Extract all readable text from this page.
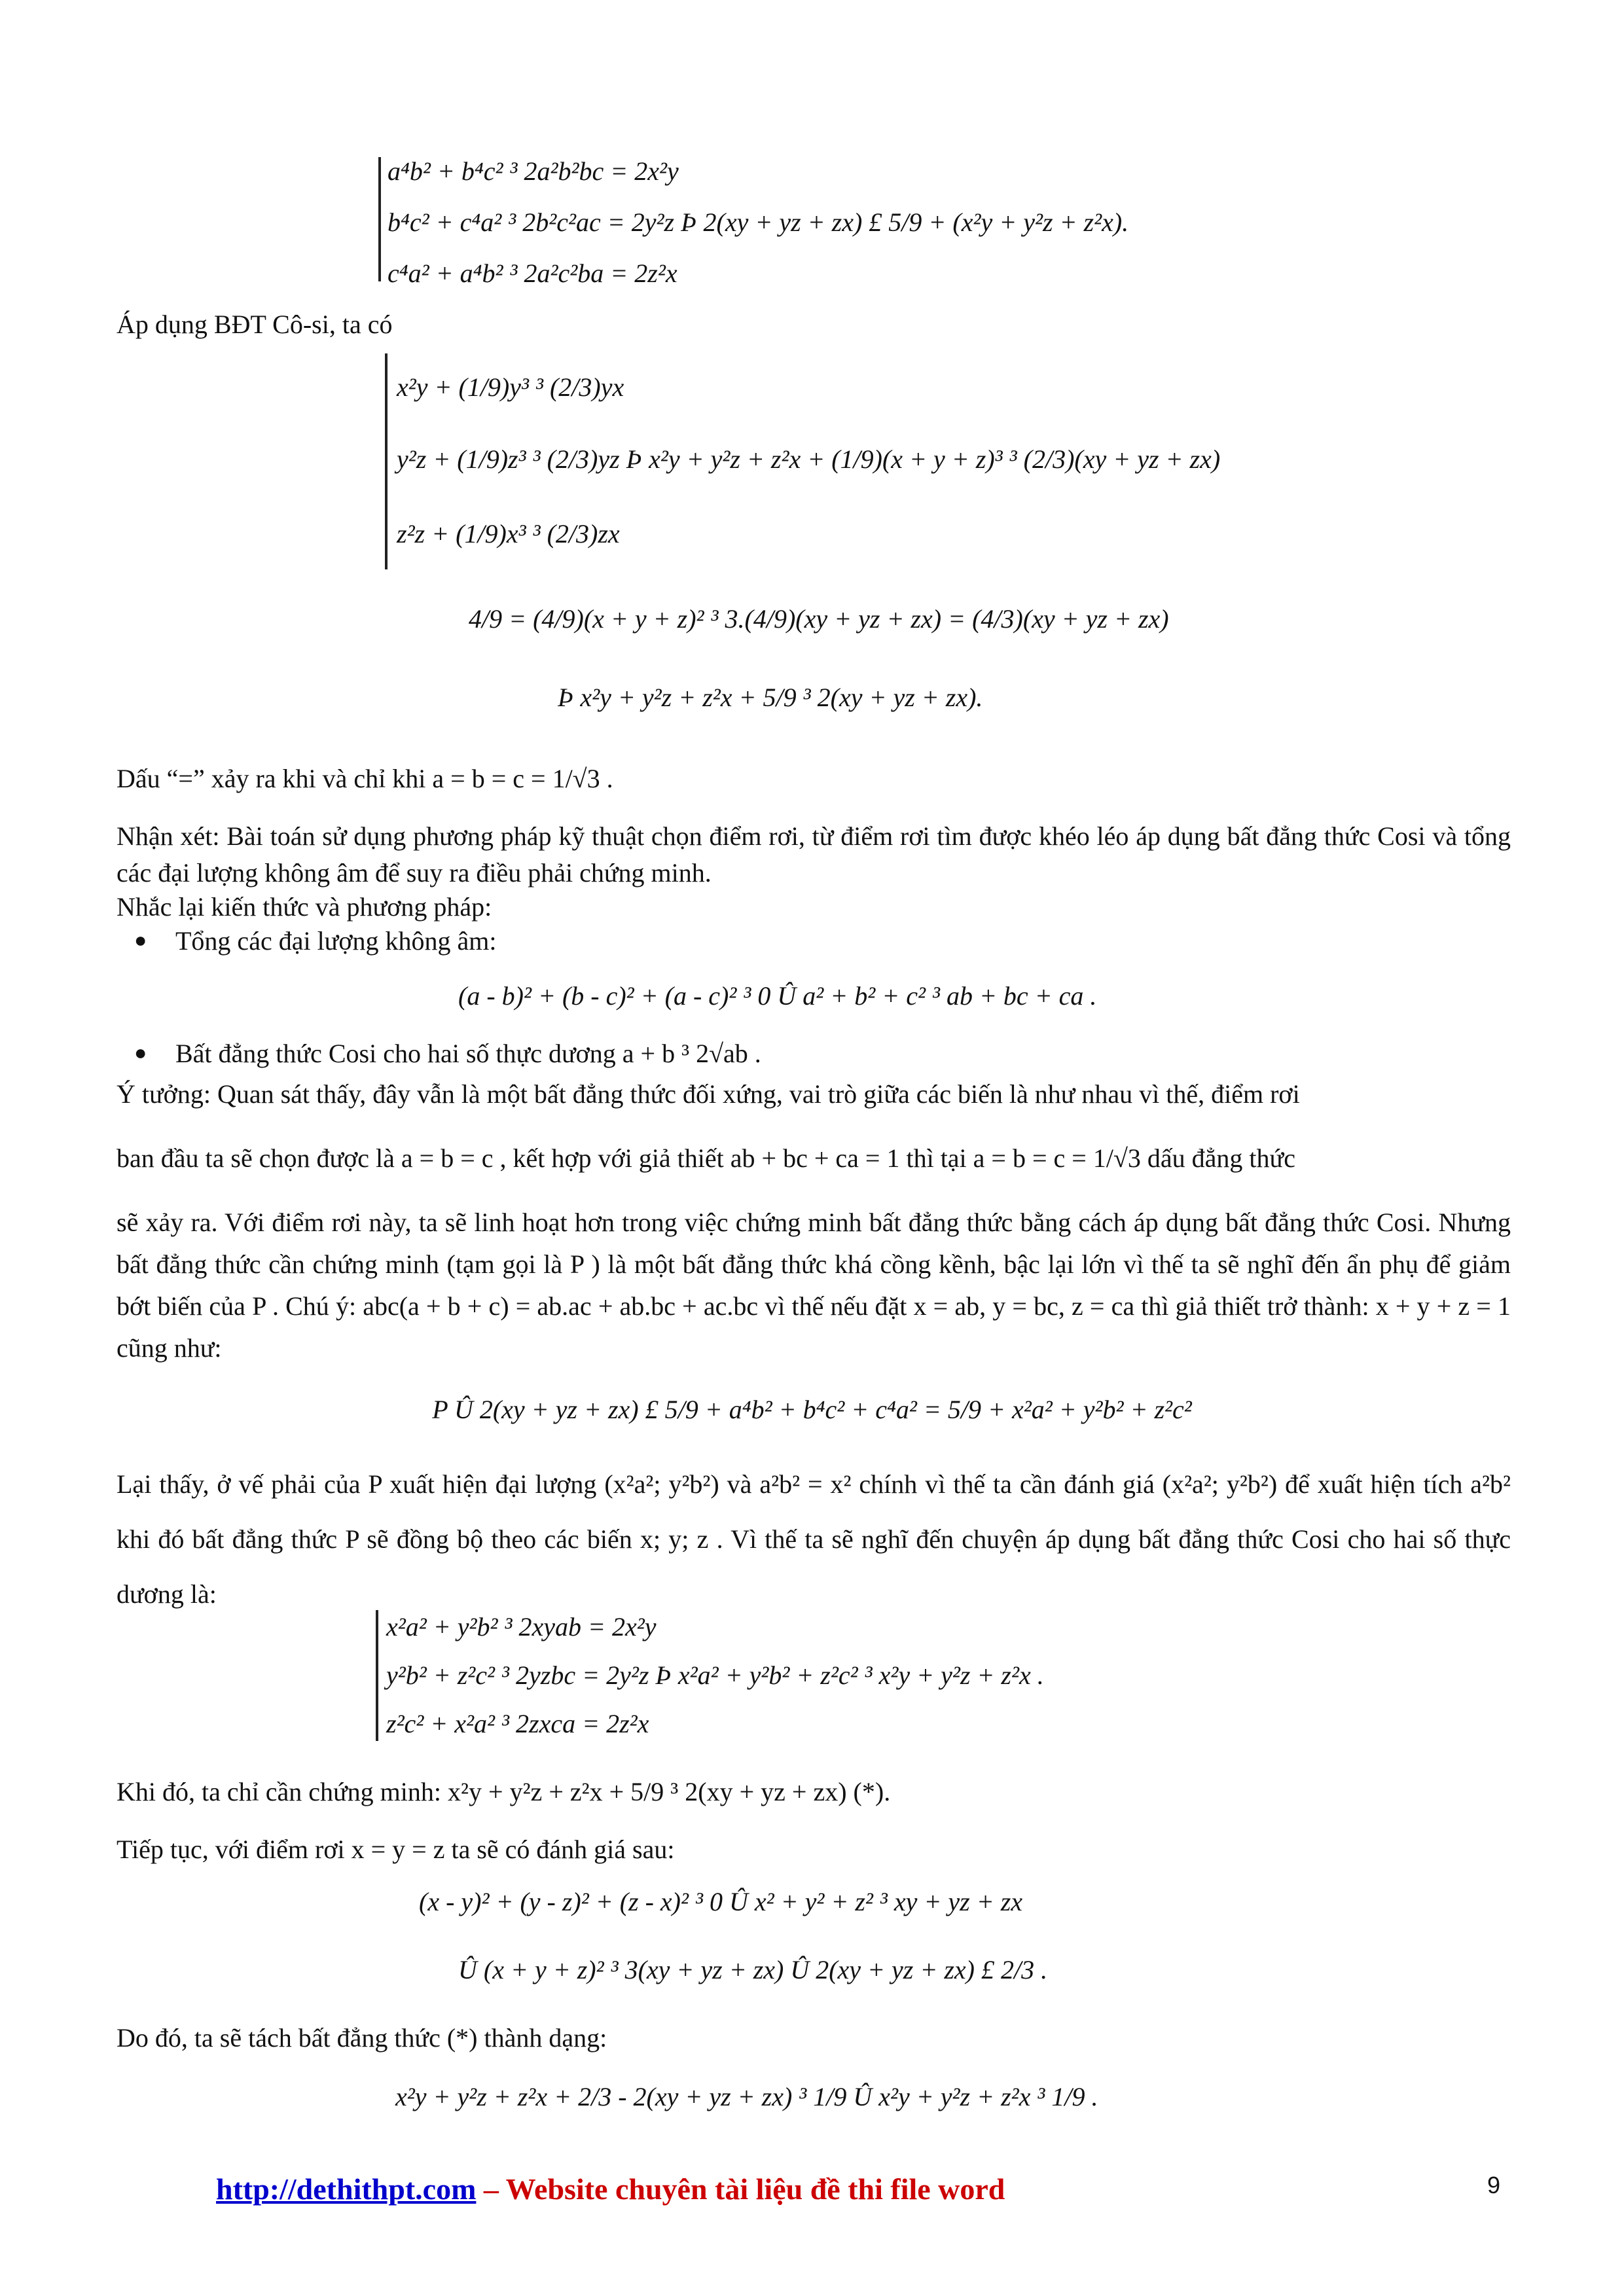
a⁴b² + b⁴c² ³ 2a²b²bc = 2x²y
b⁴c² + c⁴a² ³ 2b²c²ac = 2y²z Þ 2(xy + yz + zx) £ 5/9 + (x²y + y²z + z²x).
c⁴a² + a⁴b² ³ 2a²c²ba = 2z²x
Áp dụng BĐT Cô-si, ta có
x²y + (1/9)y³ ³ (2/3)yx
y²z + (1/9)z³ ³ (2/3)yz Þ x²y + y²z + z²x + (1/9)(x + y + z)³ ³ (2/3)(xy + yz + zx)
z²z + (1/9)x³ ³ (2/3)zx
4/9 = (4/9)(x + y + z)² ³ 3.(4/9)(xy + yz + zx) = (4/3)(xy + yz + zx)
Þ x²y + y²z + z²x + 5/9 ³ 2(xy + yz + zx).
Dấu “=” xảy ra khi và chỉ khi a = b = c = 1/√3 .
Nhận xét: Bài toán sử dụng phương pháp kỹ thuật chọn điểm rơi, từ điểm rơi tìm được khéo léo áp dụng bất đẳng thức Cosi và tổng các đại lượng không âm để suy ra điều phải chứng minh.
Nhắc lại kiến thức và phương pháp:
● Tổng các đại lượng không âm:
(a - b)² + (b - c)² + (a - c)² ³ 0 Û a² + b² + c² ³ ab + bc + ca .
● Bất đẳng thức Cosi cho hai số thực dương a + b ³ 2√ab .
Ý tưởng: Quan sát thấy, đây vẫn là một bất đẳng thức đối xứng, vai trò giữa các biến là như nhau vì thế, điểm rơi
ban đầu ta sẽ chọn được là a = b = c , kết hợp với giả thiết ab + bc + ca = 1 thì tại a = b = c = 1/√3 dấu đẳng thức
sẽ xảy ra. Với điểm rơi này, ta sẽ linh hoạt hơn trong việc chứng minh bất đẳng thức bằng cách áp dụng bất đẳng thức Cosi. Nhưng bất đẳng thức cần chứng minh (tạm gọi là P ) là một bất đẳng thức khá cồng kềnh, bậc lại lớn vì thế ta sẽ nghĩ đến ẩn phụ để giảm bớt biến của P . Chú ý: abc(a + b + c) = ab.ac + ab.bc + ac.bc vì thế nếu đặt x = ab, y = bc, z = ca thì giả thiết trở thành: x + y + z = 1 cũng như:
P Û 2(xy + yz + zx) £ 5/9 + a⁴b² + b⁴c² + c⁴a² = 5/9 + x²a² + y²b² + z²c²
Lại thấy, ở vế phải của P xuất hiện đại lượng (x²a²; y²b²) và a²b² = x² chính vì thế ta cần đánh giá (x²a²; y²b²) để xuất hiện tích a²b² khi đó bất đẳng thức P sẽ đồng bộ theo các biến x; y; z . Vì thế ta sẽ nghĩ đến chuyện áp dụng bất đẳng thức Cosi cho hai số thực dương là:
x²a² + y²b² ³ 2xyab = 2x²y
y²b² + z²c² ³ 2yzbc = 2y²z Þ x²a² + y²b² + z²c² ³ x²y + y²z + z²x .
z²c² + x²a² ³ 2zxca = 2z²x
Khi đó, ta chỉ cần chứng minh: x²y + y²z + z²x + 5/9 ³ 2(xy + yz + zx) (*).
Tiếp tục, với điểm rơi x = y = z ta sẽ có đánh giá sau:
(x - y)² + (y - z)² + (z - x)² ³ 0 Û x² + y² + z² ³ xy + yz + zx
Û (x + y + z)² ³ 3(xy + yz + zx) Û 2(xy + yz + zx) £ 2/3 .
Do đó, ta sẽ tách bất đẳng thức (*) thành dạng:
x²y + y²z + z²x + 2/3 - 2(xy + yz + zx) ³ 1/9 Û x²y + y²z + z²x ³ 1/9 .
http://dethithpt.com – Website chuyên tài liệu đề thi file word	9
